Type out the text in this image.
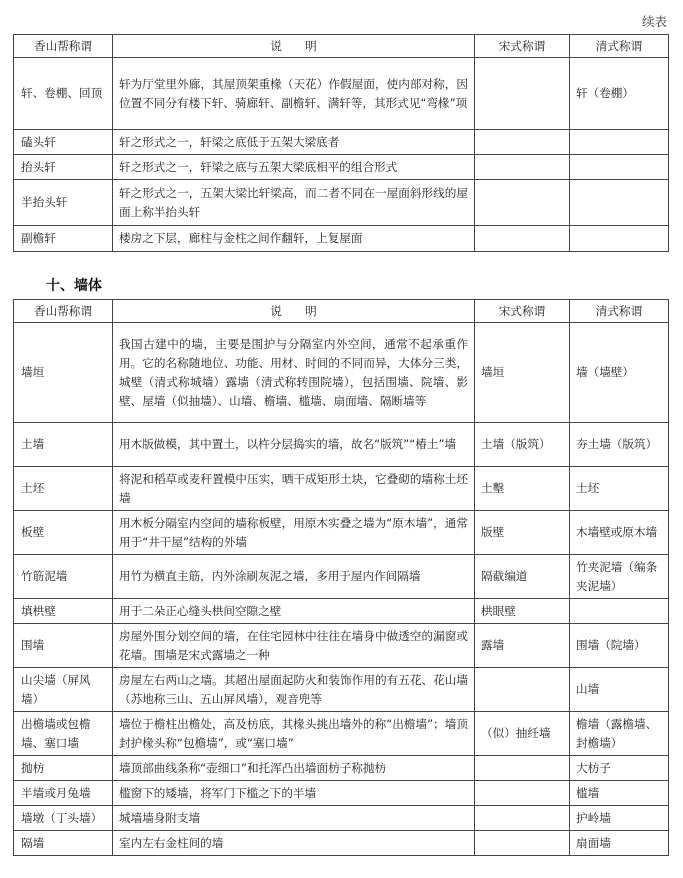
续表
香山帮称谓	说　　明	宋式称谓	清式称谓
轩、卷棚、回顶	轩为厅堂里外廊，其屋顶架重椽（天花）作假屋面，使内部对称，因位置不同分有楼下轩、骑廊轩、副檐轩、满轩等，其形式见“弯椽”项		轩（卷棚）
磕头轩	轩之形式之一，轩梁之底低于五架大梁底者		
抬头轩	轩之形式之一，轩梁之底与五架大梁底相平的组合形式		
半抬头轩	轩之形式之一，五架大梁比轩梁高，而二者不同在一屋面斜形线的屋面上称半抬头轩		
副檐轩	楼房之下层，廊柱与金柱之间作翻轩，上复屋面		
十、墙体
香山帮称谓	说　　明	宋式称谓	清式称谓
墙垣	我国古建中的墙，主要是围护与分隔室内外空间，通常不起承重作用。它的名称随地位、功能、用材、时间的不同而异，大体分三类，城壁（清式称城墙）露墙（清式称转围院墙），包括围墙、院墙、影壁、屋墙（似抽墙）、山墙、檐墙、槛墙、扇面墙、隔断墙等	墙垣	墙（墙壁）
土墙	用木版做模，其中置土，以杵分层捣实的墙，故名“版筑”“椿土”墙	土墙（版筑）	夯土墙（版筑）
土坯	将泥和稻草或麦秆置模中压实，晒干成矩形土块，它叠砌的墙称土坯墙	土墼	土坯
板壁	用木板分隔室内空间的墙称板壁，用原木实叠之墙为“原木墙”，通常用于“井干屋”结构的外墙	版壁	木墙壁或原木墙
竹筋泥墙	用竹为横直主筋，内外涂刷灰泥之墙，多用于屋内作间隔墙	隔截编道	竹夹泥墙（编条夹泥墙）
填栱壁	用于二朵正心缝头栱间空隙之壁	栱眼壁	
围墙	房屋外围分划空间的墙，在住宅园林中往往在墙身中做透空的漏窗或花墙。围墙是宋式露墙之一种	露墙	围墙（院墙）
山尖墙（屏风墙）	房屋左右两山之墙。其超出屋面起防火和装饰作用的有五花、花山墙（苏地称三山、五山屏风墙），观音兜等		山墙
出檐墙或包檐墙、塞口墙	墙位于檐柱出檐处，高及枋底，其椽头挑出墙外的称“出檐墙”；墙顶封护椽头称“包檐墙”，或“塞口墙”	（似）抽纴墙	檐墙（露檐墙、封檐墙）
抛枋	墙顶部曲线条称“壶细口”和托浑凸出墙面枋子称抛枋		大枋子
半墙或月兔墙	槛窗下的矮墙，将军门下槛之下的半墙		槛墙
墙墩（丁头墙）	城墙墙身附支墙		护岭墙
隔墙	室内左右金柱间的墙		扇面墙
